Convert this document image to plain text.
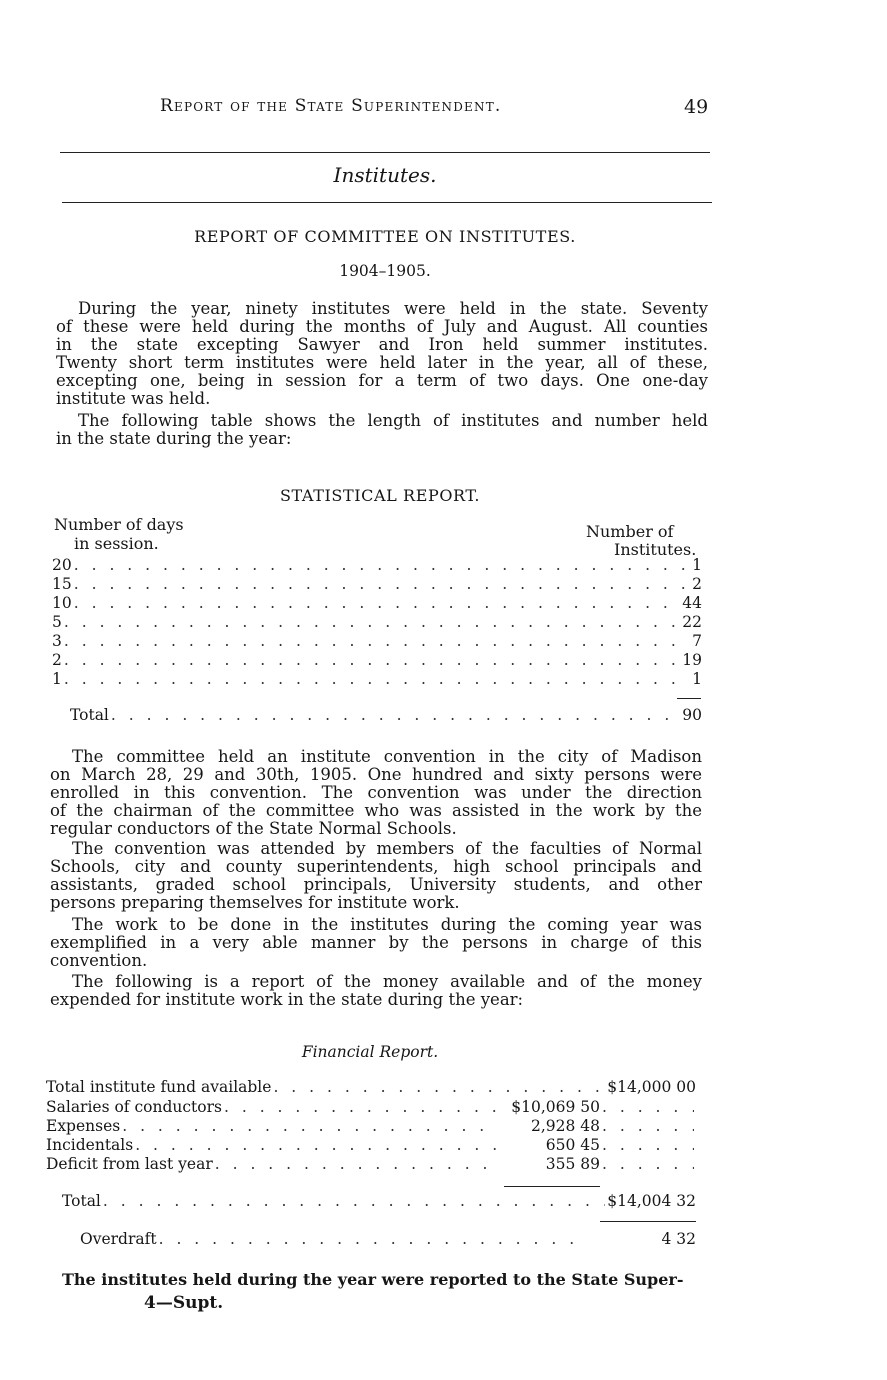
Report of the State Superintendent.	49
Institutes.
REPORT OF COMMITTEE ON INSTITUTES.
1904–1905.
During the year, ninety institutes were held in the state. Seventy
of these were held during the months of July and August. All counties
in the state excepting Sawyer and Iron held summer institutes.
Twenty short term institutes were held later in the year, all of these,
excepting one, being in session for a term of two days. One one-day
institute was held.
The following table shows the length of institutes and number held
in the state during the year:
STATISTICAL REPORT.
Number of days
in session.
Number of
Institutes.
20 . . .	1
15 . . .	2
10 . . .	44
5 . . .	22
3 . . .	7
2 . . .	19
1 . . .	1
Total . . .	90
The committee held an institute convention in the city of Madison
on March 28, 29 and 30th, 1905. One hundred and sixty persons were
enrolled in this convention. The convention was under the direction
of the chairman of the committee who was assisted in the work by the
regular conductors of the State Normal Schools.
The convention was attended by members of the faculties of Normal
Schools, city and county superintendents, high school principals and
assistants, graded school principals, University students, and other
persons preparing themselves for institute work.
The work to be done in the institutes during the coming year was
exemplified in a very able manner by the persons in charge of this
convention.
The following is a report of the money available and of the money
expended for institute work in the state during the year:
Financial Report.
Total institute fund available . . .	$14,000 00
Salaries of conductors . . .	$10,069 50
. . .
Expenses . . .	2,928 48
. . .
Incidentals . . .	650 45
. . .
Deficit from last year . . .	355 89
. . .
Total . . .	$14,004 32
Overdraft . . .	4 32
The institutes held during the year were reported to the State Super-
4—Supt.
